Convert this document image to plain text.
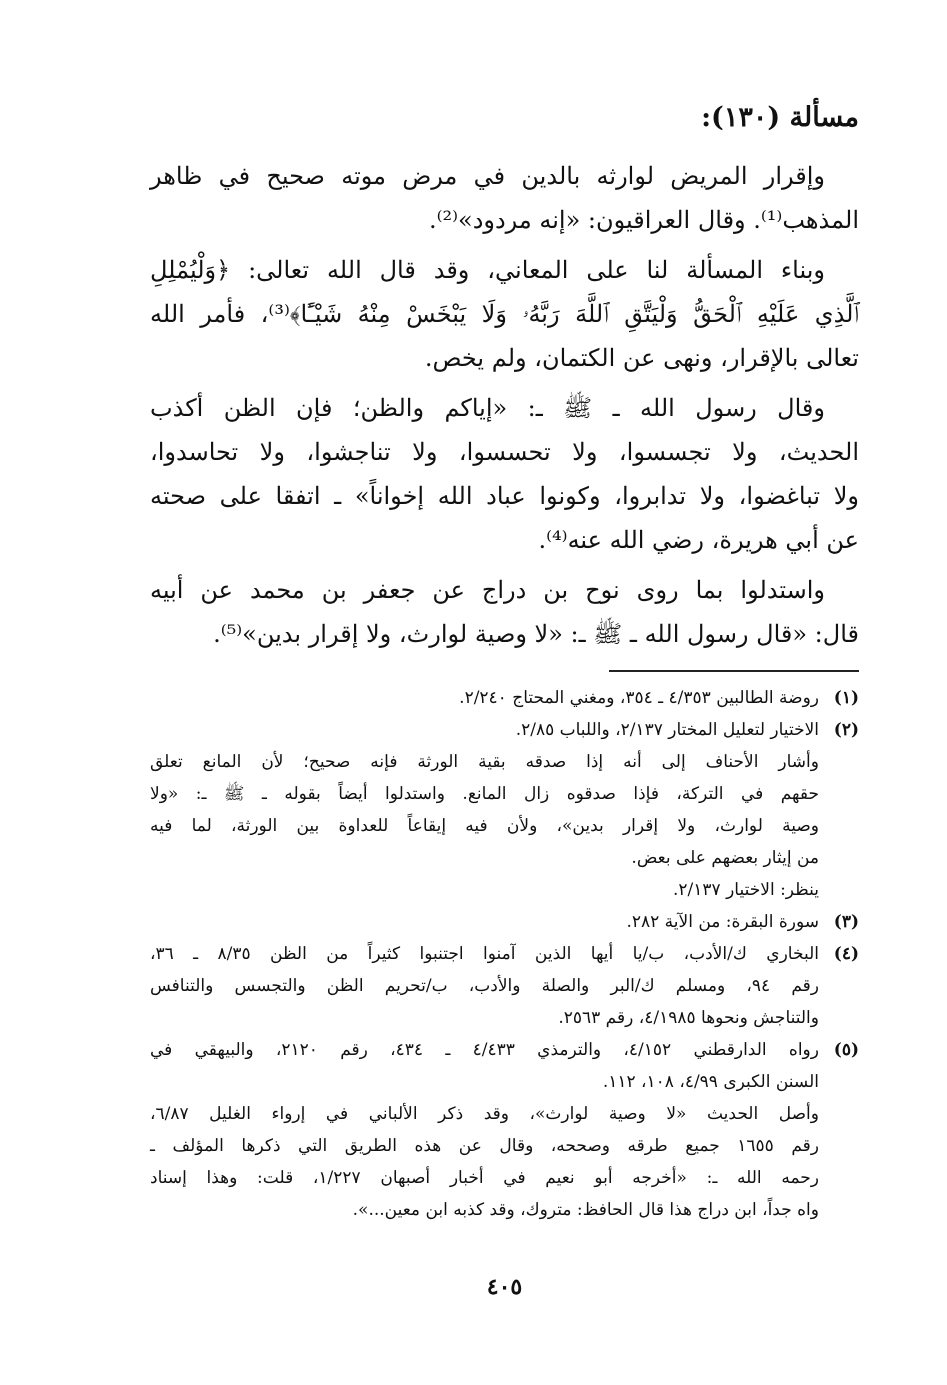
مسألة (١٣٠):

وإقرار المريض لوارثه بالدين في مرض موته صحيح في ظاهر
المذهب⁽¹⁾. وقال العراقيون: «إنه مردود»⁽²⁾.

وبناء المسألة لنا على المعاني، وقد قال الله تعالى: ﴿وَلْيُمْلِلِ
ٱلَّذِي عَلَيْهِ ٱلْحَقُّ وَلْيَتَّقِ ٱللَّهَ رَبَّهُۥ وَلَا يَبْخَسْ مِنْهُ شَيْـًٔا﴾⁽³⁾، فأمر الله
تعالى بالإقرار، ونهى عن الكتمان، ولم يخص.

وقال رسول الله ـ ﷺ ـ: «إياكم والظن؛ فإن الظن أكذب
الحديث، ولا تجسسوا، ولا تحسسوا، ولا تناجشوا، ولا تحاسدوا،
ولا تباغضوا، ولا تدابروا، وكونوا عباد الله إخواناً» ـ اتفقا على صحته
عن أبي هريرة، رضي الله عنه⁽⁴⁾.

واستدلوا بما روى نوح بن دراج عن جعفر بن محمد عن أبيه
قال: «قال رسول الله ـ ﷺ ـ: «لا وصية لوارث، ولا إقرار بدين»⁽⁵⁾.

(١)
روضة الطالبين ٤/٣٥٣ ـ ٣٥٤، ومغني المحتاج ٢/٢٤٠.
(٢)
الاختيار لتعليل المختار ٢/١٣٧، واللباب ٢/٨٥.
وأشار الأحناف إلى أنه إذا صدقه بقية الورثة فإنه صحيح؛ لأن المانع تعلق
حقهم في التركة، فإذا صدقوه زال المانع. واستدلوا أيضاً بقوله ـ ﷺ ـ: «ولا
وصية لوارث، ولا إقرار بدين»، ولأن فيه إيقاعاً للعداوة بين الورثة، لما فيه
من إيثار بعضهم على بعض.
ينظر: الاختيار ٢/١٣٧.
(٣)
سورة البقرة: من الآية ٢٨٢.
(٤)
البخاري ك/الأدب، ب/يا أيها الذين آمنوا اجتنبوا كثيراً من الظن ٨/٣٥ ـ ٣٦،
رقم ٩٤، ومسلم ك/البر والصلة والأدب، ب/تحريم الظن والتجسس والتنافس
والتناجش ونحوها ٤/١٩٨٥، رقم ٢٥٦٣.
(٥)
رواه الدارقطني ٤/١٥٢، والترمذي ٤/٤٣٣ ـ ٤٣٤، رقم ٢١٢٠، والبيهقي في
السنن الكبرى ٤/٩٩، ١٠٨، ١١٢.
وأصل الحديث «لا وصية لوارث»، وقد ذكر الألباني في إرواء الغليل ٦/٨٧،
رقم ١٦٥٥ جميع طرقه وصححه، وقال عن هذه الطريق التي ذكرها المؤلف ـ
رحمه الله ـ: «أخرجه أبو نعيم في أخبار أصبهان ١/٢٢٧، قلت: وهذا إسناد
واه جداً، ابن دراج هذا قال الحافظ: متروك، وقد كذبه ابن معين...».
٤٠٥
